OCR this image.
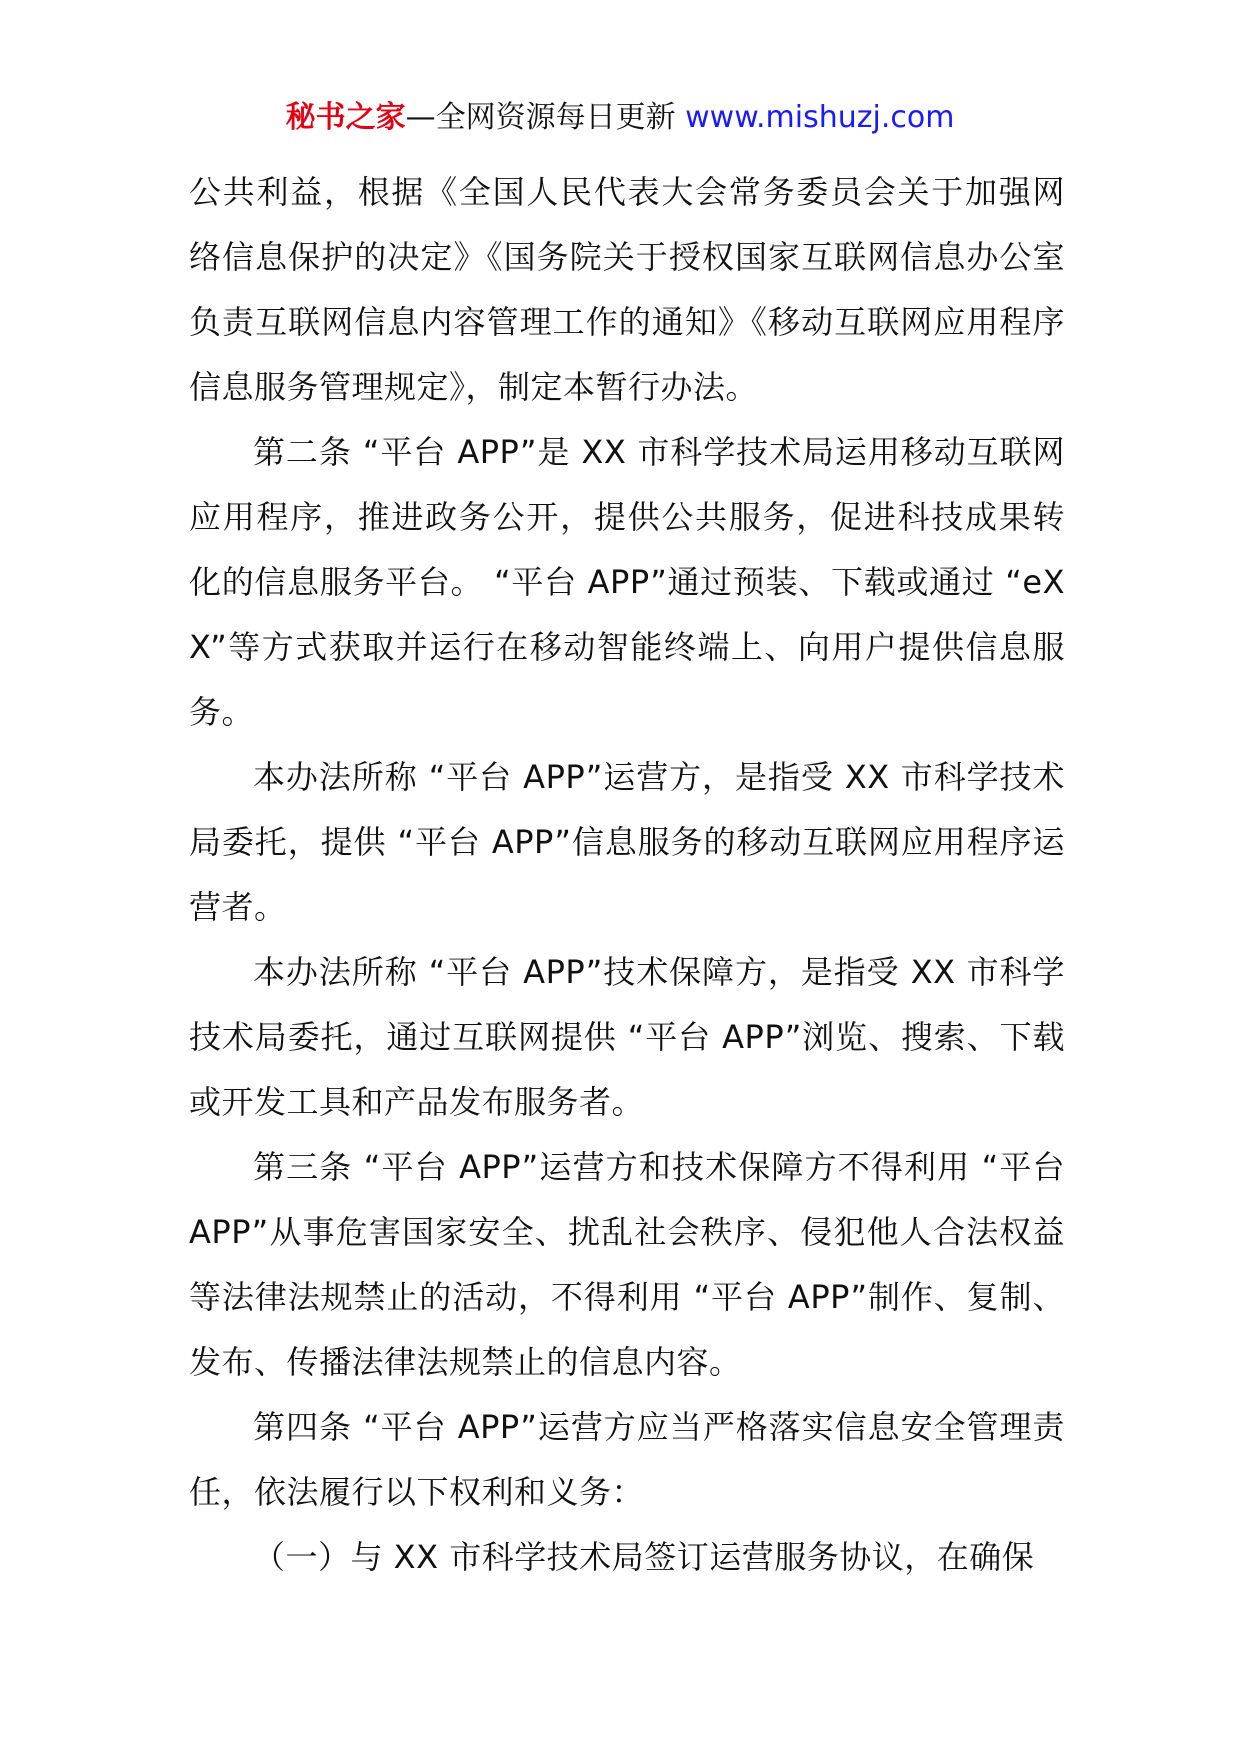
秘书之家—全网资源每日更新 www.mishuzj.com

公共利益，根据《全国人民代表大会常务委员会关于加强网络信息保护的决定》《国务院关于授权国家互联网信息办公室负责互联网信息内容管理工作的通知》《移动互联网应用程序信息服务管理规定》，制定本暂行办法。

第二条 “平台 APP”是 XX 市科学技术局运用移动互联网应用程序，推进政务公开，提供公共服务，促进科技成果转化的信息服务平台。 “平台 APP”通过预装、下载或通过 “eXX”等方式获取并运行在移动智能终端上、向用户提供信息服务。

本办法所称 “平台 APP”运营方，是指受 XX 市科学技术局委托，提供 “平台 APP”信息服务的移动互联网应用程序运营者。

本办法所称 “平台 APP”技术保障方，是指受 XX 市科学技术局委托，通过互联网提供 “平台 APP”浏览、搜索、下载或开发工具和产品发布服务者。

第三条 “平台 APP”运营方和技术保障方不得利用 “平台 APP”从事危害国家安全、扰乱社会秩序、侵犯他人合法权益等法律法规禁止的活动，不得利用 “平台 APP”制作、复制、发布、传播法律法规禁止的信息内容。

第四条 “平台 APP”运营方应当严格落实信息安全管理责任，依法履行以下权利和义务：

（一）与 XX 市科学技术局签订运营服务协议，在确保
